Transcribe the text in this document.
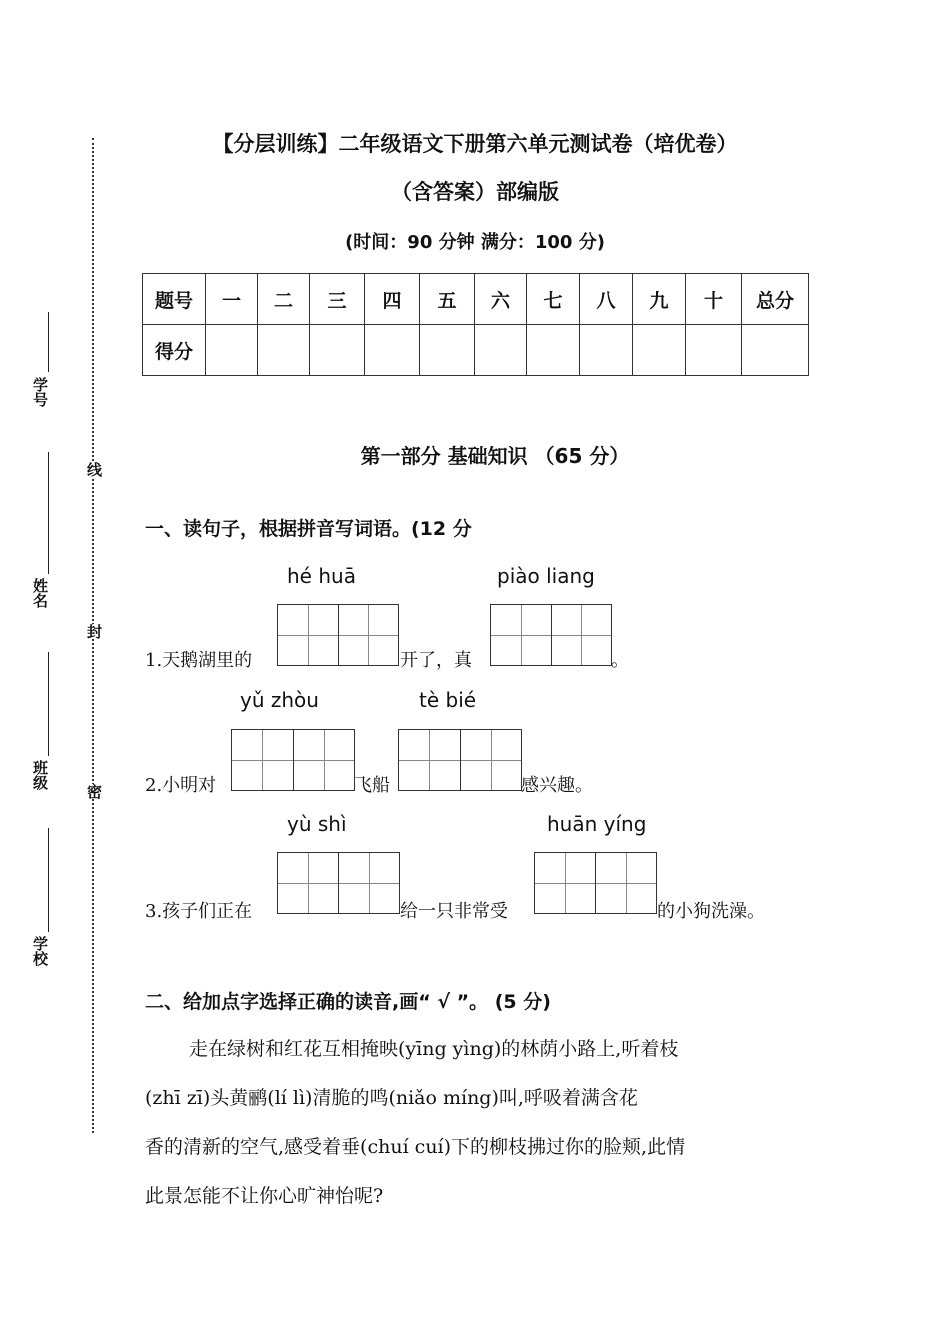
学号
姓名
班级
学校
线
封
密
【分层训练】二年级语文下册第六单元测试卷（培优卷）
（含答案）部编版
(时间：90 分钟 满分：100 分)
题号	一	二	三	四	五	六	七	八	九	十	总分
得分											
第一部分 基础知识 （65 分）
一、读句子，根据拼音写词语。(12 分
hé huā	piào liang
1.天鹅湖里的	开了，真	。
yǔ zhòu	tè bié
2.小明对	飞船	感兴趣。
yù shì	huān yíng
3.孩子们正在	给一只非常受	的小狗洗澡。
二、给加点字选择正确的读音,画“ √ ”。 (5 分)
走在绿树和红花互相掩映(yīng yìng)的林荫小路上,听着枝
(zhī zī)头黄鹂(lí lì)清脆的鸣(niǎo míng)叫,呼吸着满含花
香的清新的空气,感受着垂(chuí cuí)下的柳枝拂过你的脸颊,此情
此景怎能不让你心旷神怡呢?
